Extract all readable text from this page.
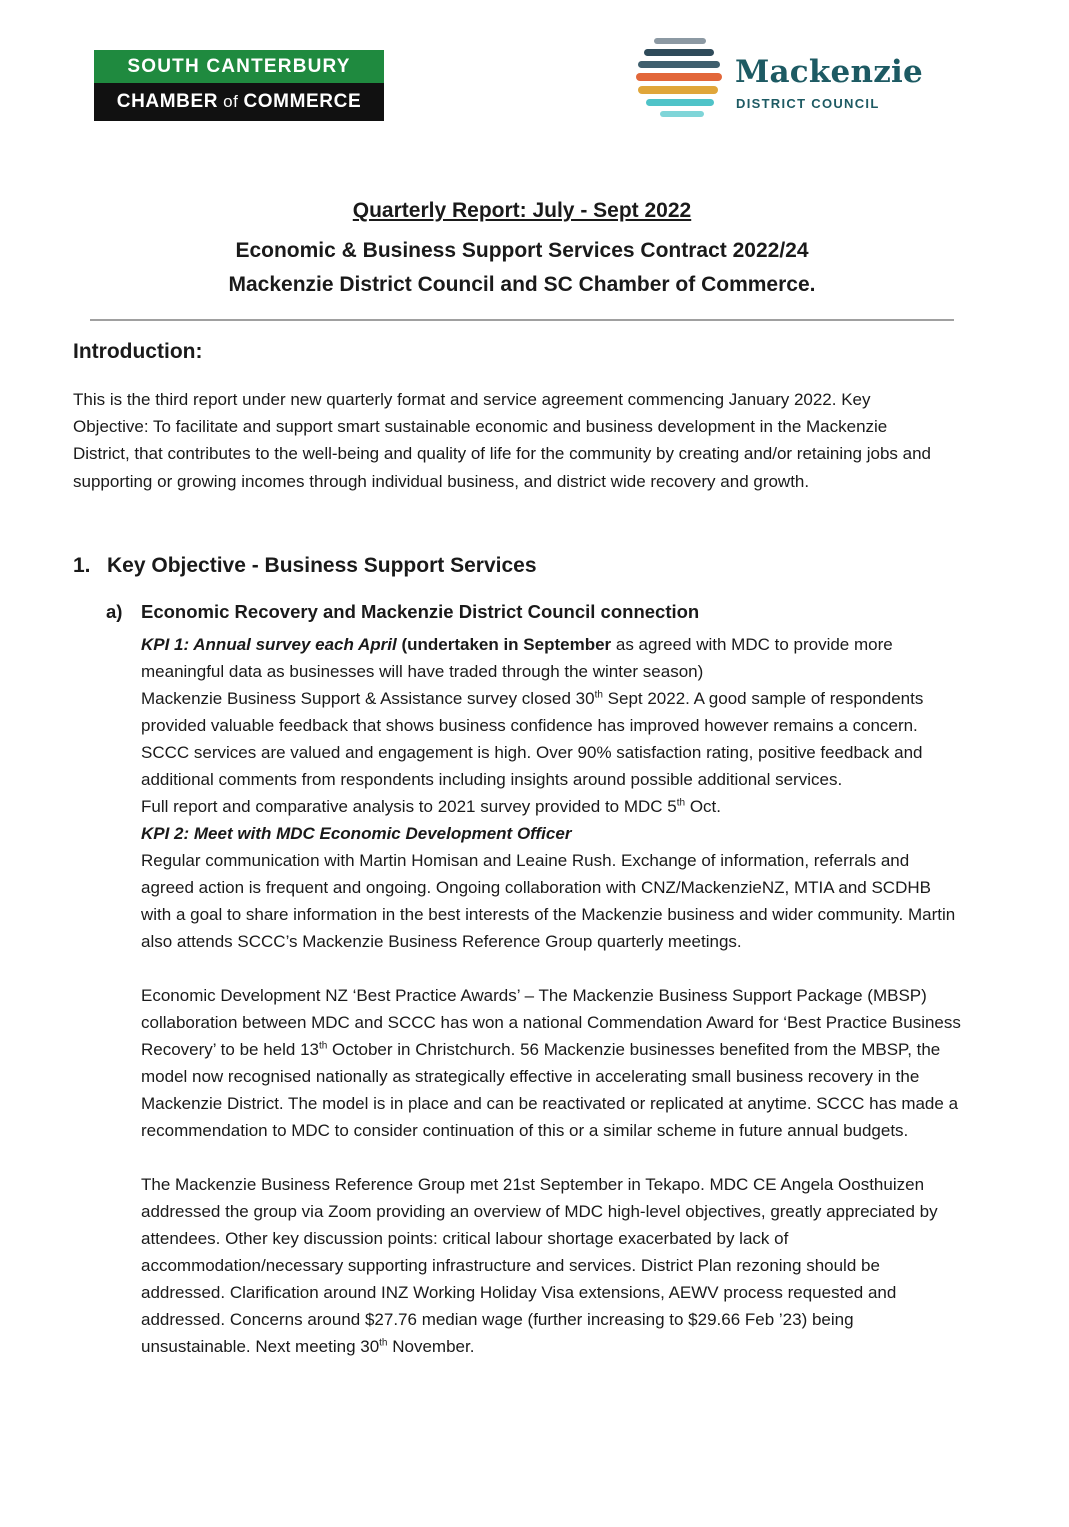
SOUTH CANTERBURY
CHAMBER of COMMERCE
Mackenzie
DISTRICT COUNCIL
Quarterly Report: July - Sept 2022
Economic & Business Support Services Contract 2022/24
Mackenzie District Council and SC Chamber of Commerce.
Introduction:
This is the third report under new quarterly format and service agreement commencing January 2022. Key Objective: To facilitate and support smart sustainable economic and business development in the Mackenzie District, that contributes to the well-being and quality of life for the community by creating and/or retaining jobs and supporting or growing incomes through individual business, and district wide recovery and growth.
1. Key Objective - Business Support Services
a) Economic Recovery and Mackenzie District Council connection

KPI 1: Annual survey each April (undertaken in September as agreed with MDC to provide more meaningful data as businesses will have traded through the winter season)

Mackenzie Business Support & Assistance survey closed 30th Sept 2022. A good sample of respondents provided valuable feedback that shows business confidence has improved however remains a concern. SCCC services are valued and engagement is high. Over 90% satisfaction rating, positive feedback and additional comments from respondents including insights around possible additional services.

Full report and comparative analysis to 2021 survey provided to MDC 5th Oct.

KPI 2: Meet with MDC Economic Development Officer

Regular communication with Martin Homisan and Leaine Rush. Exchange of information, referrals and agreed action is frequent and ongoing. Ongoing collaboration with CNZ/MackenzieNZ, MTIA and SCDHB with a goal to share information in the best interests of the Mackenzie business and wider community. Martin also attends SCCC’s Mackenzie Business Reference Group quarterly meetings.

Economic Development NZ ‘Best Practice Awards’ – The Mackenzie Business Support Package (MBSP) collaboration between MDC and SCCC has won a national Commendation Award for ‘Best Practice Business Recovery’ to be held 13th October in Christchurch. 56 Mackenzie businesses benefited from the MBSP, the model now recognised nationally as strategically effective in accelerating small business recovery in the Mackenzie District. The model is in place and can be reactivated or replicated at anytime. SCCC has made a recommendation to MDC to consider continuation of this or a similar scheme in future annual budgets.

The Mackenzie Business Reference Group met 21st September in Tekapo. MDC CE Angela Oosthuizen addressed the group via Zoom providing an overview of MDC high-level objectives, greatly appreciated by attendees. Other key discussion points: critical labour shortage exacerbated by lack of accommodation/necessary supporting infrastructure and services. District Plan rezoning should be addressed. Clarification around INZ Working Holiday Visa extensions, AEWV process requested and addressed. Concerns around $27.76 median wage (further increasing to $29.66 Feb ’23) being unsustainable. Next meeting 30th November.
